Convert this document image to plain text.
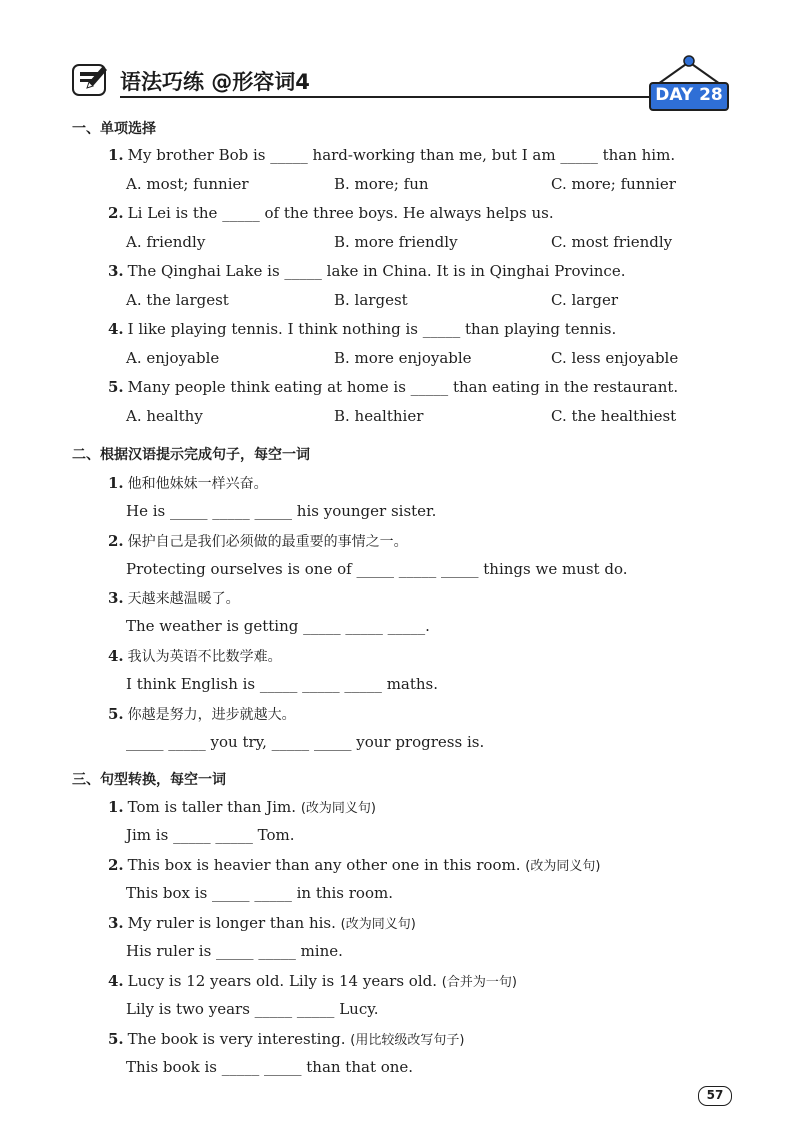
语法巧练 @形容词4
DAY 28
一、单项选择
1. My brother Bob is _____ hard-working than me, but I am _____ than him.
A. most; funnier	B. more; fun	C. more; funnier
2. Li Lei is the _____ of the three boys. He always helps us.
A. friendly	B. more friendly	C. most friendly
3. The Qinghai Lake is _____ lake in China. It is in Qinghai Province.
A. the largest	B. largest	C. larger
4. I like playing tennis. I think nothing is _____ than playing tennis.
A. enjoyable	B. more enjoyable	C. less enjoyable
5. Many people think eating at home is _____ than eating in the restaurant.
A. healthy	B. healthier	C. the healthiest
二、根据汉语提示完成句子，每空一词
1. 他和他妹妹一样兴奋。
He is _____ _____ _____ his younger sister.
2. 保护自己是我们必须做的最重要的事情之一。
Protecting ourselves is one of _____ _____ _____ things we must do.
3. 天越来越温暖了。
The weather is getting _____ _____ _____.
4. 我认为英语不比数学难。
I think English is _____ _____ _____ maths.
5. 你越是努力，进步就越大。
_____ _____ you try, _____ _____ your progress is.
三、句型转换，每空一词
1. Tom is taller than Jim. (改为同义句)
Jim is _____ _____ Tom.
2. This box is heavier than any other one in this room. (改为同义句)
This box is _____ _____ in this room.
3. My ruler is longer than his. (改为同义句)
His ruler is _____ _____ mine.
4. Lucy is 12 years old. Lily is 14 years old. (合并为一句)
Lily is two years _____ _____ Lucy.
5. The book is very interesting. (用比较级改写句子)
This book is _____ _____ than that one.
57
